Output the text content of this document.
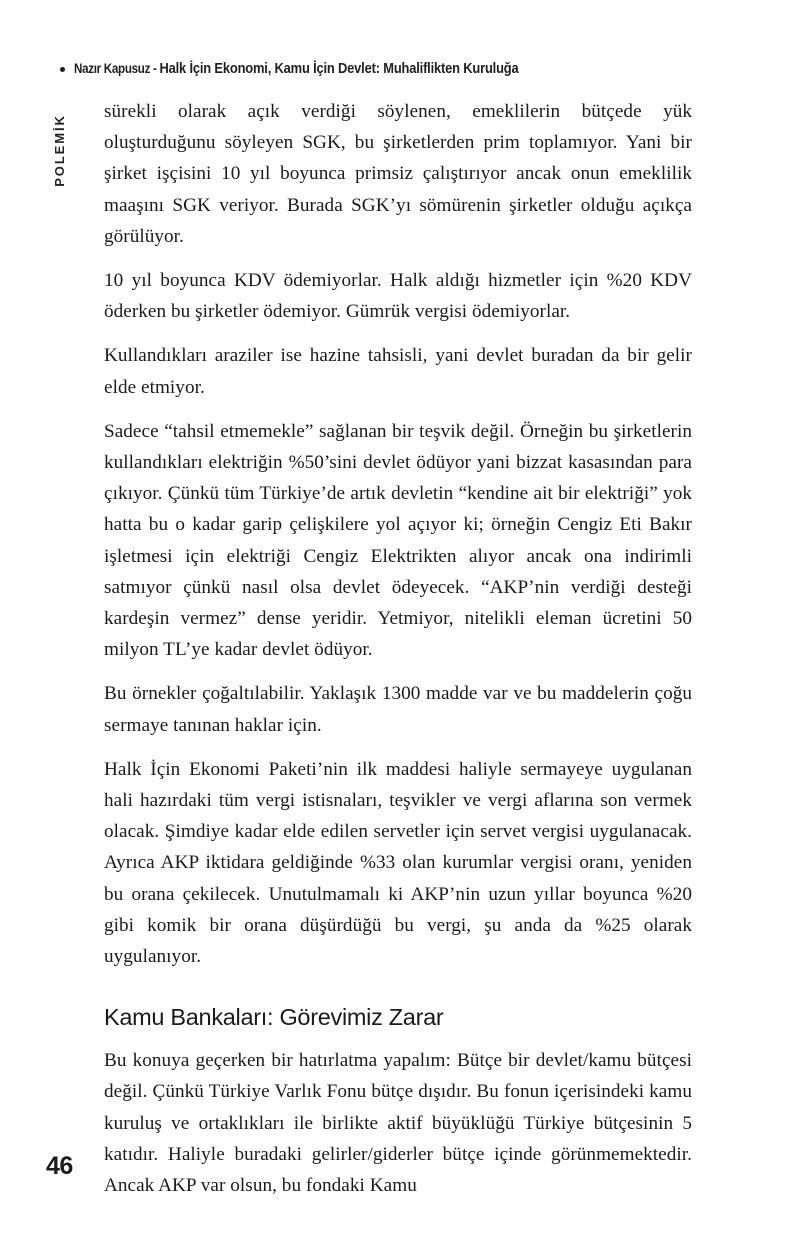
Nazır Kapusuz - Halk İçin Ekonomi, Kamu İçin Devlet: Muhaliflikten Kuruluğa
POLEMİK

sürekli olarak açık verdiği söylenen, emeklilerin bütçede yük oluşturduğunu söyleyen SGK, bu şirketlerden prim toplamıyor. Yani bir şirket işçisini 10 yıl boyunca primsiz çalıştırıyor ancak onun emeklilik maaşını SGK veriyor. Burada SGK’yı sömürenin şirketler olduğu açıkça görülüyor.

10 yıl boyunca KDV ödemiyorlar. Halk aldığı hizmetler için %20 KDV öderken bu şirketler ödemiyor. Gümrük vergisi ödemiyorlar.

Kullandıkları araziler ise hazine tahsisli, yani devlet buradan da bir gelir elde etmiyor.

Sadece “tahsil etmemekle” sağlanan bir teşvik değil. Örneğin bu şirketlerin kullandıkları elektriğin %50’sini devlet ödüyor yani bizzat kasasından para çıkıyor. Çünkü tüm Türkiye’de artık devletin “kendine ait bir elektriği” yok hatta bu o kadar garip çelişkilere yol açıyor ki; örneğin Cengiz Eti Bakır işletmesi için elektriği Cengiz Elektrikten alıyor ancak ona indirimli satmıyor çünkü nasıl olsa devlet ödeyecek. “AKP’nin verdiği desteği kardeşin vermez” dense yeridir. Yetmiyor, nitelikli eleman ücretini 50 milyon TL’ye kadar devlet ödüyor.

Bu örnekler çoğaltılabilir. Yaklaşık 1300 madde var ve bu maddelerin çoğu sermaye tanınan haklar için.

Halk İçin Ekonomi Paketi’nin ilk maddesi haliyle sermayeye uygulanan hali hazırdaki tüm vergi istisnaları, teşvikler ve vergi aflarına son vermek olacak. Şimdiye kadar elde edilen servetler için servet vergisi uygulanacak. Ayrıca AKP iktidara geldiğinde %33 olan kurumlar vergisi oranı, yeniden bu orana çekilecek. Unutulmamalı ki AKP’nin uzun yıllar boyunca %20 gibi komik bir orana düşürdüğü bu vergi, şu anda da %25 olarak uygulanıyor.

Kamu Bankaları: Görevimiz Zarar

Bu konuya geçerken bir hatırlatma yapalım: Bütçe bir devlet/kamu bütçesi değil. Çünkü Türkiye Varlık Fonu bütçe dışıdır. Bu fonun içerisindeki kamu kuruluş ve ortaklıkları ile birlikte aktif büyüklüğü Türkiye bütçesinin 5 katıdır. Haliyle buradaki gelirler/giderler bütçe içinde görünmemektedir. Ancak AKP var olsun, bu fondaki Kamu

46
